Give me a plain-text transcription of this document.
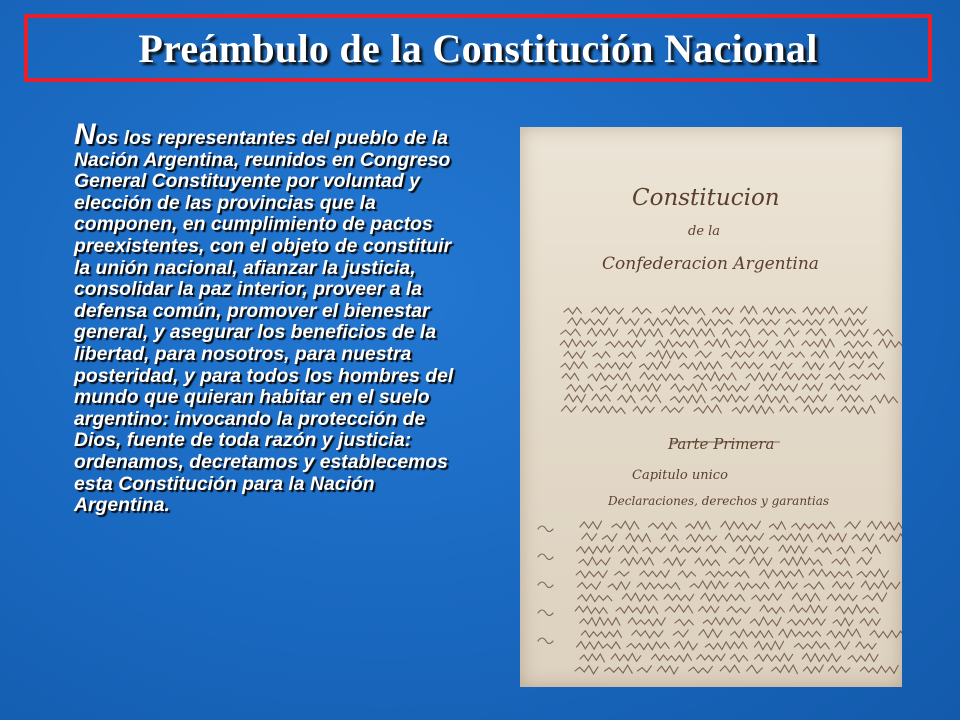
Preámbulo de la Constitución Nacional
Nos los representantes del pueblo de la Nación Argentina, reunidos en Congreso General Constituyente por voluntad y elección de las provincias que la componen, en cumplimiento de pactos preexistentes, con el objeto de constituir la unión nacional, afianzar la justicia, consolidar la paz interior, proveer a la defensa común, promover el bienestar general, y asegurar los beneficios de la libertad, para nosotros, para nuestra posteridad, y para todos los hombres del mundo que quieran habitar en el suelo argentino: invocando la protección de Dios, fuente de toda razón y justicia: ordenamos, decretamos y establecemos esta Constitución para la Nación Argentina.
Constitucion
de la
Confederacion Argentina
Parte Primera
Capitulo unico
Declaraciones, derechos y garantias
